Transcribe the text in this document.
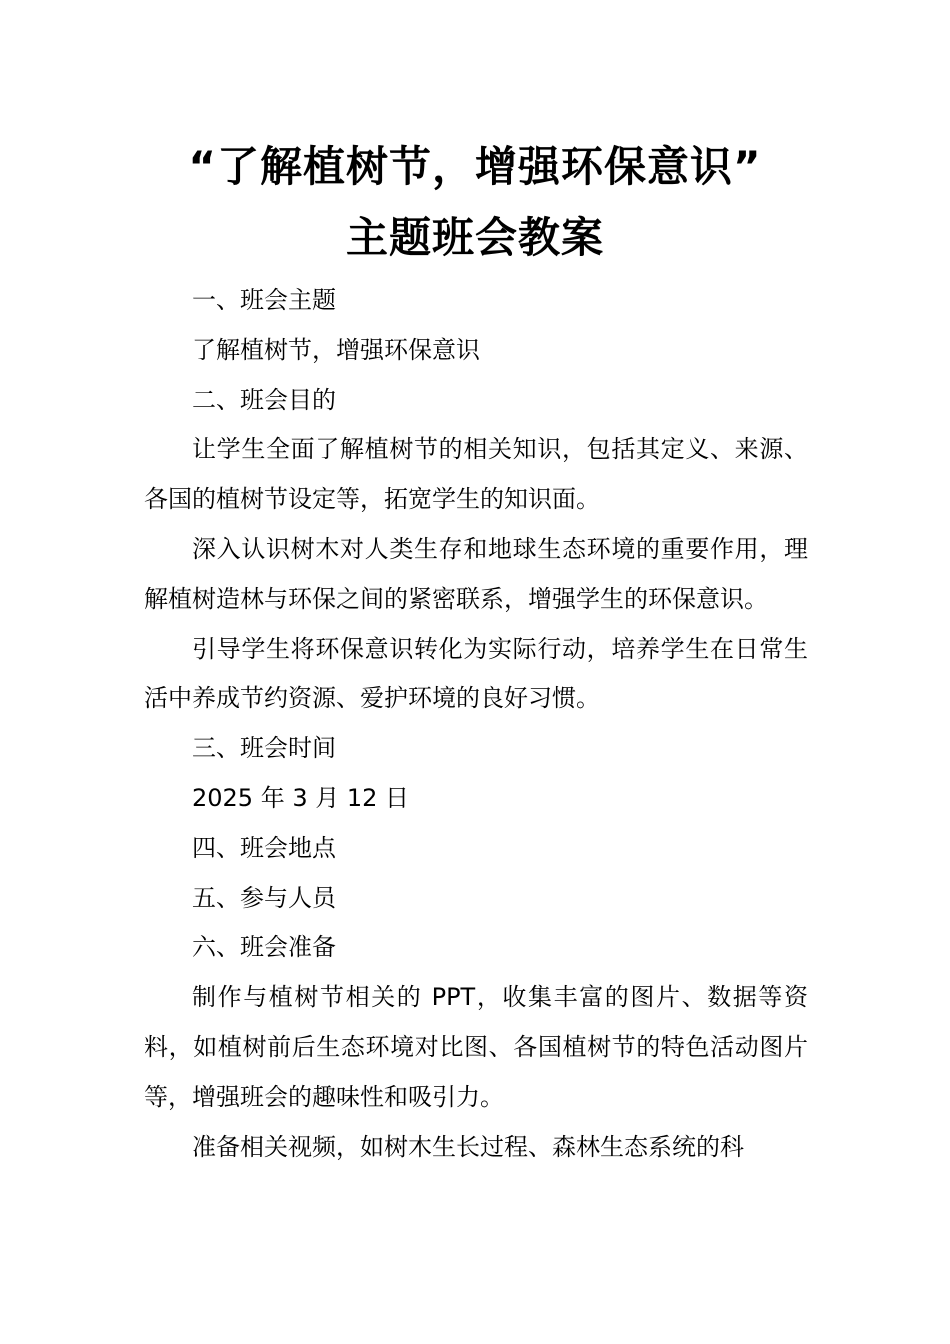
“了解植树节，增强环保意识”
主题班会教案

一、班会主题

了解植树节，增强环保意识

二、班会目的

让学生全面了解植树节的相关知识，包括其定义、来源、各国的植树节设定等，拓宽学生的知识面。

深入认识树木对人类生存和地球生态环境的重要作用，理解植树造林与环保之间的紧密联系，增强学生的环保意识。

引导学生将环保意识转化为实际行动，培养学生在日常生活中养成节约资源、爱护环境的良好习惯。

三、班会时间

2025 年 3 月 12 日

四、班会地点

五、参与人员

六、班会准备

制作与植树节相关的 PPT，收集丰富的图片、数据等资料，如植树前后生态环境对比图、各国植树节的特色活动图片等，增强班会的趣味性和吸引力。

准备相关视频，如树木生长过程、森林生态系统的科
